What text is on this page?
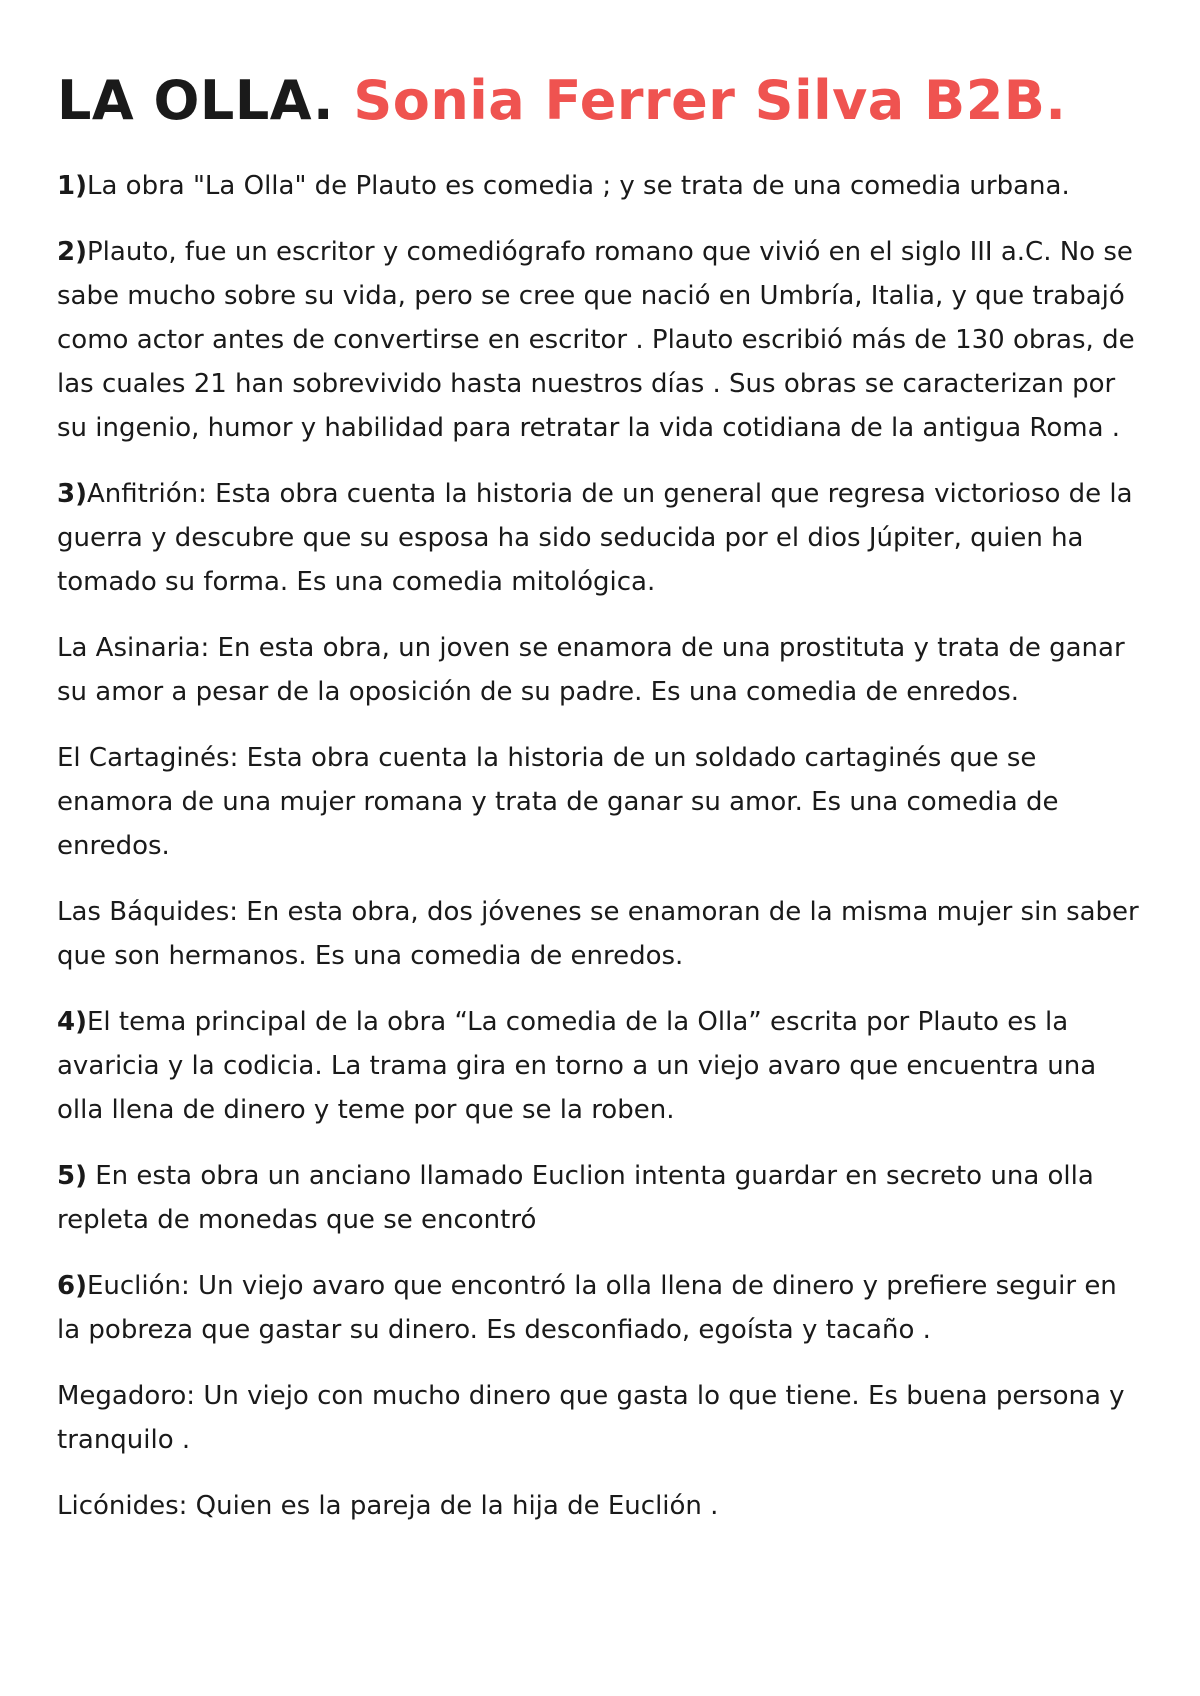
LA OLLA. Sonia Ferrer Silva B2B.

1)La obra "La Olla" de Plauto es comedia ; y se trata de una comedia urbana.

2)Plauto, fue un escritor y comediógrafo romano que vivió en el siglo III a.C. No se sabe mucho sobre su vida, pero se cree que nació en Umbría, Italia, y que trabajó como actor antes de convertirse en escritor . Plauto escribió más de 130 obras, de las cuales 21 han sobrevivido hasta nuestros días . Sus obras se caracterizan por su ingenio, humor y habilidad para retratar la vida cotidiana de la antigua Roma .

3)Anfitrión: Esta obra cuenta la historia de un general que regresa victorioso de la guerra y descubre que su esposa ha sido seducida por el dios Júpiter, quien ha tomado su forma. Es una comedia mitológica.

La Asinaria: En esta obra, un joven se enamora de una prostituta y trata de ganar su amor a pesar de la oposición de su padre. Es una comedia de enredos.

El Cartaginés: Esta obra cuenta la historia de un soldado cartaginés que se enamora de una mujer romana y trata de ganar su amor. Es una comedia de enredos.

Las Báquides: En esta obra, dos jóvenes se enamoran de la misma mujer sin saber que son hermanos. Es una comedia de enredos.

4)El tema principal de la obra “La comedia de la Olla” escrita por Plauto es la avaricia y la codicia. La trama gira en torno a un viejo avaro que encuentra una olla llena de dinero y teme por que se la roben.

5) En esta obra un anciano llamado Euclion intenta guardar en secreto una olla repleta de monedas que se encontró

6)Euclión: Un viejo avaro que encontró la olla llena de dinero y prefiere seguir en la pobreza que gastar su dinero. Es desconfiado, egoísta y tacaño .

Megadoro: Un viejo con mucho dinero que gasta lo que tiene. Es buena persona y tranquilo .

Licónides: Quien es la pareja de la hija de Euclión .
